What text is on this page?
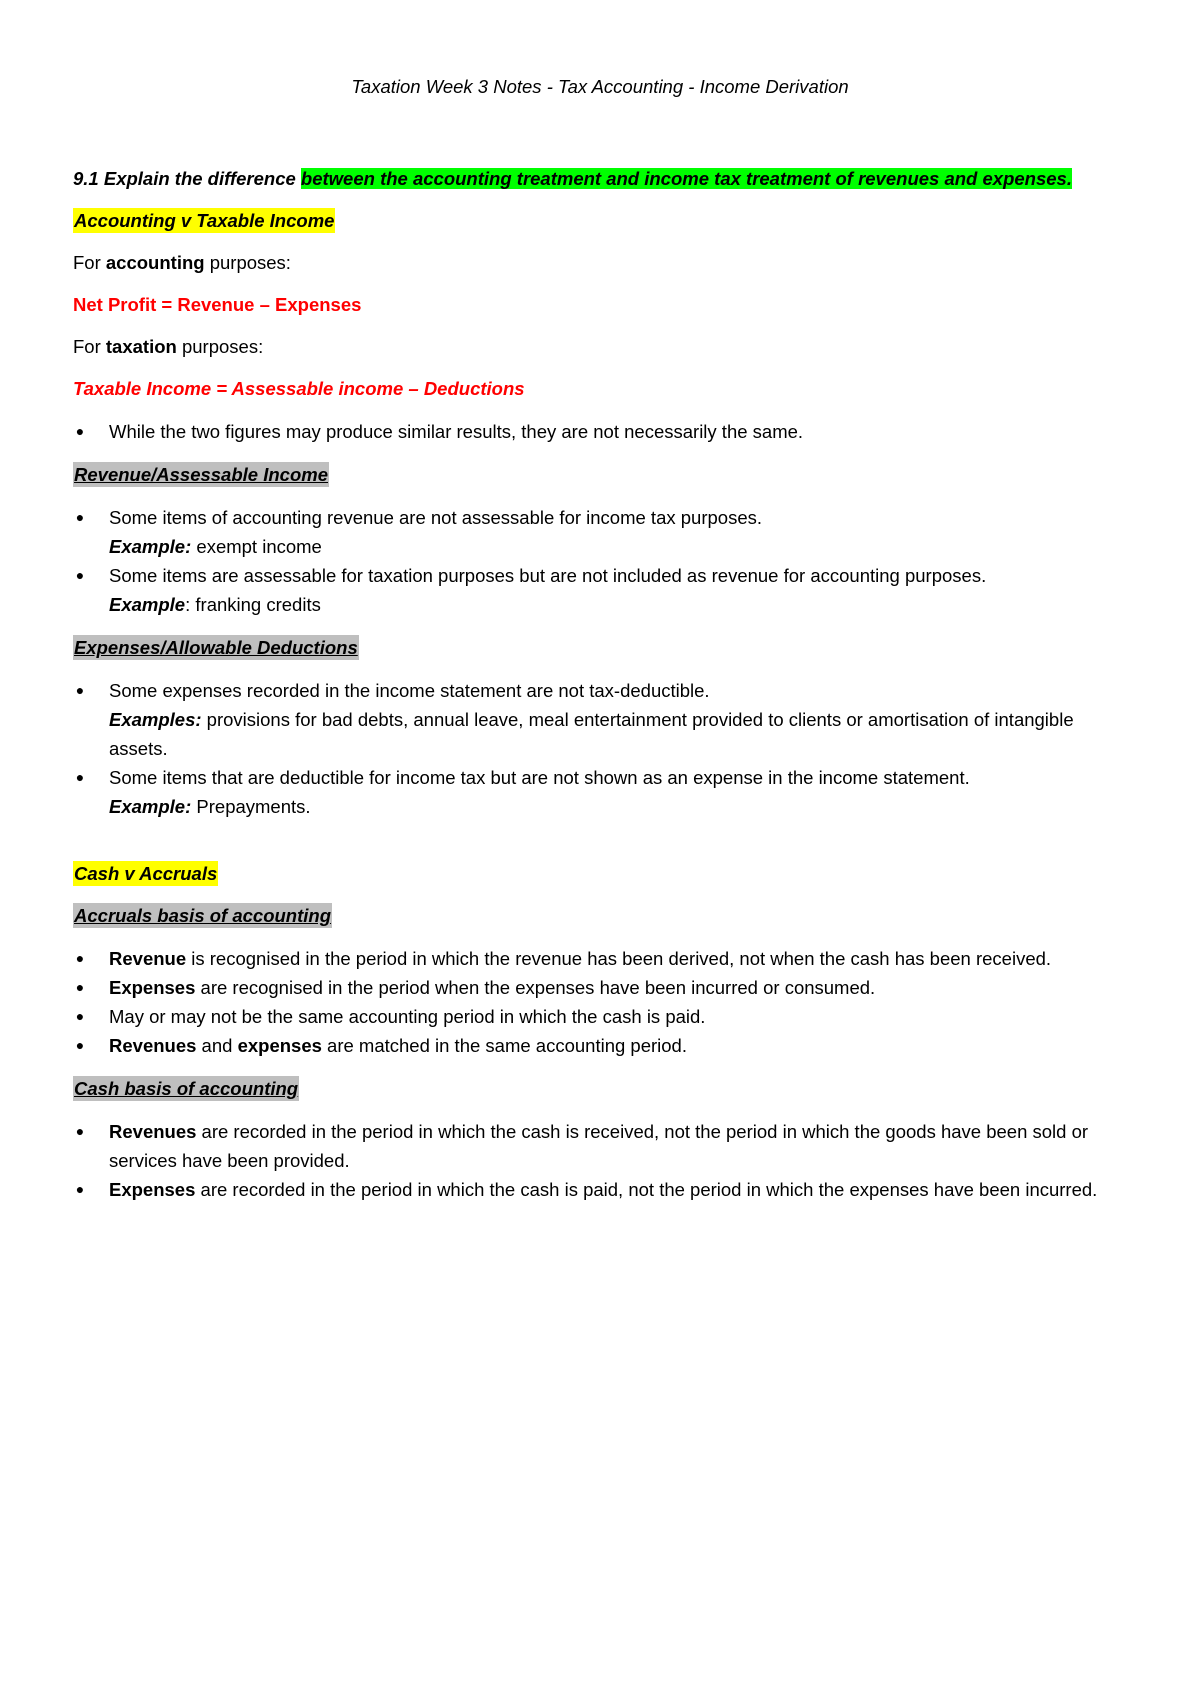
Taxation Week 3 Notes - Tax Accounting - Income Derivation

9.1 Explain the difference between the accounting treatment and income tax treatment of revenues and expenses.

Accounting v Taxable Income

For accounting purposes:

Net Profit = Revenue – Expenses

For taxation purposes:

Taxable Income = Assessable income – Deductions

● While the two figures may produce similar results, they are not necessarily the same.

Revenue/Assessable Income

● Some items of accounting revenue are not assessable for income tax purposes.
Example: exempt income
● Some items are assessable for taxation purposes but are not included as revenue for accounting purposes.
Example: franking credits

Expenses/Allowable Deductions

● Some expenses recorded in the income statement are not tax-deductible.
Examples: provisions for bad debts, annual leave, meal entertainment provided to clients or amortisation of intangible assets.
● Some items that are deductible for income tax but are not shown as an expense in the income statement.
Example: Prepayments.

Cash v Accruals

Accruals basis of accounting

● Revenue is recognised in the period in which the revenue has been derived, not when the cash has been received.
● Expenses are recognised in the period when the expenses have been incurred or consumed.
● May or may not be the same accounting period in which the cash is paid.
● Revenues and expenses are matched in the same accounting period.

Cash basis of accounting

● Revenues are recorded in the period in which the cash is received, not the period in which the goods have been sold or services have been provided.
● Expenses are recorded in the period in which the cash is paid, not the period in which the expenses have been incurred.
